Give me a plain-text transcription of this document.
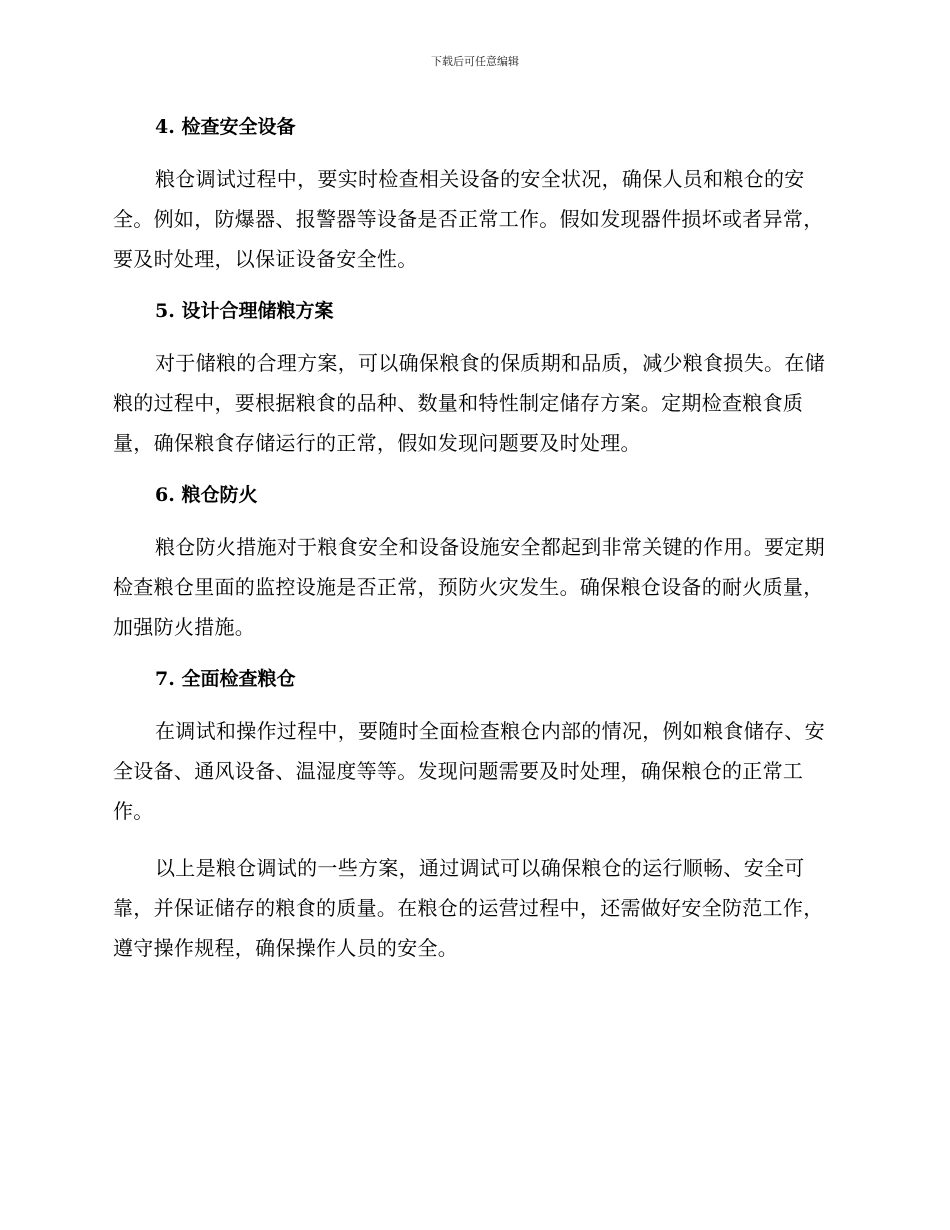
下载后可任意编辑
4. 检查安全设备

粮仓调试过程中，要实时检查相关设备的安全状况，确保人员和粮仓的安全。例如，防爆器、报警器等设备是否正常工作。假如发现器件损坏或者异常，要及时处理，以保证设备安全性。

5. 设计合理储粮方案

对于储粮的合理方案，可以确保粮食的保质期和品质，减少粮食损失。在储粮的过程中，要根据粮食的品种、数量和特性制定储存方案。定期检查粮食质量，确保粮食存储运行的正常，假如发现问题要及时处理。

6. 粮仓防火

粮仓防火措施对于粮食安全和设备设施安全都起到非常关键的作用。要定期检查粮仓里面的监控设施是否正常，预防火灾发生。确保粮仓设备的耐火质量，加强防火措施。

7. 全面检查粮仓

在调试和操作过程中，要随时全面检查粮仓内部的情况，例如粮食储存、安全设备、通风设备、温湿度等等。发现问题需要及时处理，确保粮仓的正常工作。

以上是粮仓调试的一些方案，通过调试可以确保粮仓的运行顺畅、安全可靠，并保证储存的粮食的质量。在粮仓的运营过程中，还需做好安全防范工作，遵守操作规程，确保操作人员的安全。
